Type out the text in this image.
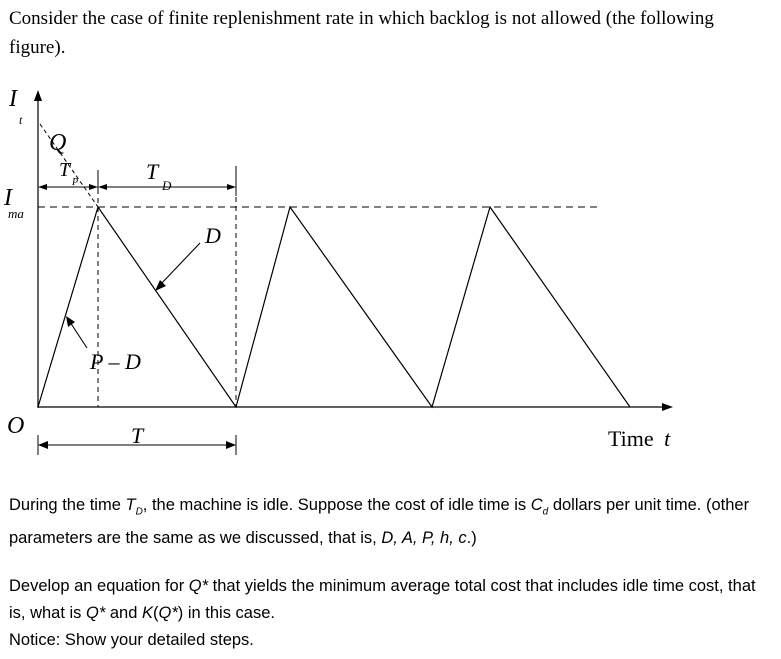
Consider the case of finite replenishment rate in which backlog is not allowed (the following figure).

I
t
Q
T
P	T
D
I
ma
D
P – D
O	T	Time t

During the time $T_D$, the machine is idle. Suppose the cost of idle time is $C_d$ dollars per unit time. (other parameters are the same as we discussed, that is, D, A, P, h, c.)

Develop an equation for Q* that yields the minimum average total cost that includes idle time cost, that is, what is Q* and K(Q*) in this case.
Notice: Show your detailed steps.
